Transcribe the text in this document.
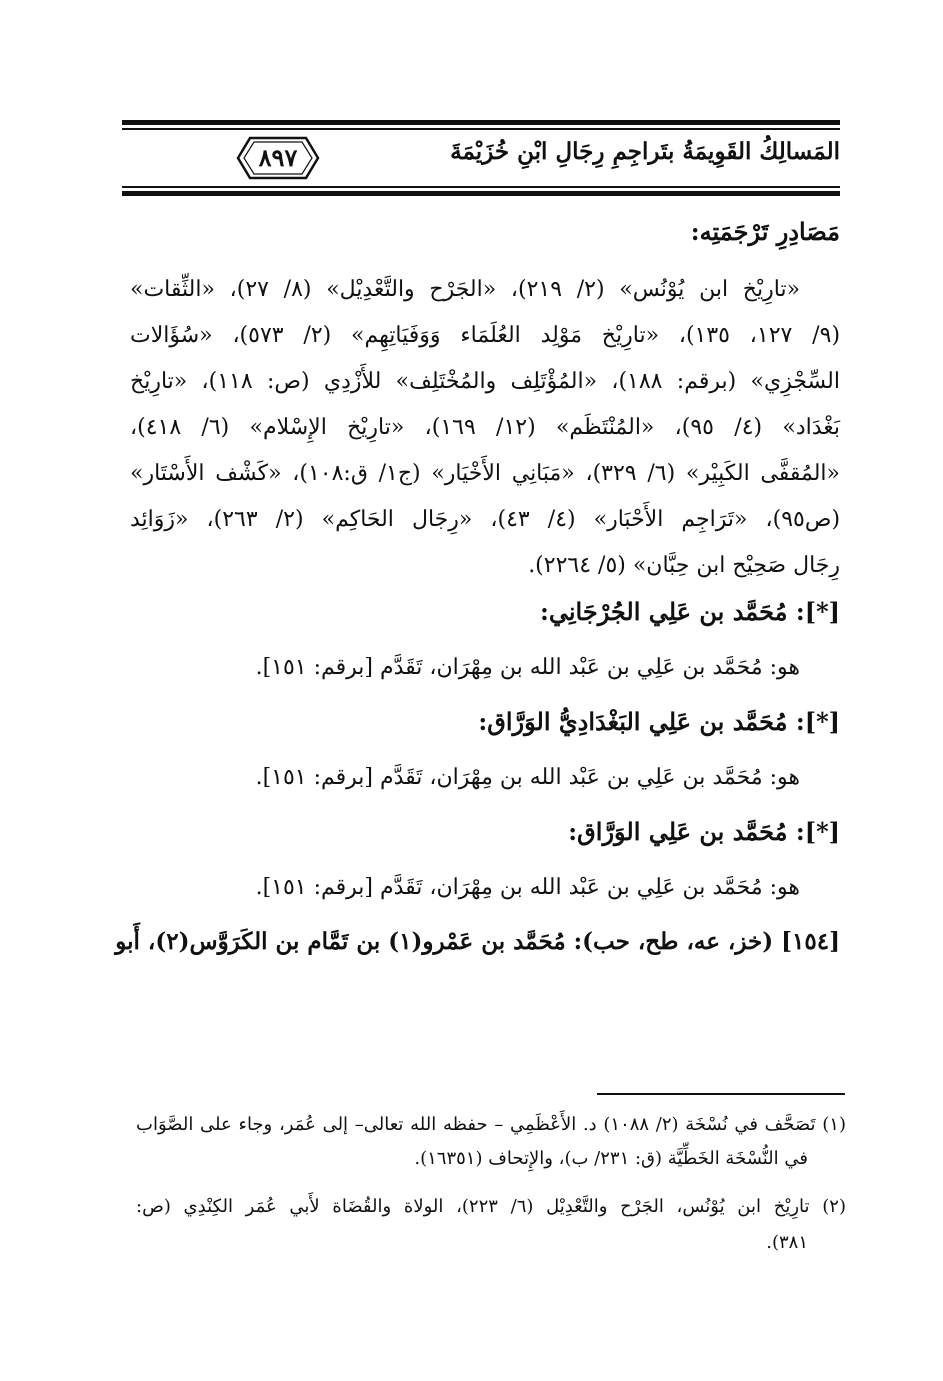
المَسالِكُ القَوِيمَةُ بتَراجِمِ رِجَالِ ابْنِ خُزَيْمَةَ
٨٩٧
مَصَادِرِ تَرْجَمَتِه:
«تارِيْخ ابن يُوْنُس» (٢/ ٢١٩)، «الجَرْح والتَّعْدِيْل» (٨/ ٢٧)، «الثِّقات»
(٩/ ١٢٧، ١٣٥)، «تارِيْخ مَوْلِد العُلَمَاء وَوَفَيَاتِهِم» (٢/ ٥٧٣)، «سُؤَالات
السِّجْزِي» (برقم: ١٨٨)، «المُؤْتَلِف والمُخْتَلِف» للأَزْدِي (ص: ١١٨)، «تارِيْخ
بَغْدَاد» (٤/ ٩٥)، «المُنْتَظَم» (١٢/ ١٦٩)، «تارِيْخ الإِسْلام» (٦/ ٤١٨)،
«المُقفَّى الكَبِيْر» (٦/ ٣٢٩)، «مَبَانِي الأَخْيَار» (ج١/ ق:١٠٨)، «كَشْف الأَسْتَار»
(ص٩٥)، «تَرَاجِم الأَحْبَار» (٤/ ٤٣)، «رِجَال الحَاكِم» (٢/ ٢٦٣)، «زَوَائِد
رِجَال صَحِيْح ابن حِبَّان» (٥/ ٢٢٦٤).
[*]: مُحَمَّد بن عَلِي الجُرْجَانِي:
هو: مُحَمَّد بن عَلِي بن عَبْد الله بن مِهْرَان، تَقَدَّم [برقم: ١٥١].
[*]: مُحَمَّد بن عَلِي البَغْدَادِيُّ الوَرَّاق:
هو: مُحَمَّد بن عَلِي بن عَبْد الله بن مِهْرَان، تَقَدَّم [برقم: ١٥١].
[*]: مُحَمَّد بن عَلِي الوَرَّاق:
هو: مُحَمَّد بن عَلِي بن عَبْد الله بن مِهْرَان، تَقَدَّم [برقم: ١٥١].
[١٥٤] (خز، عه، طح، حب): مُحَمَّد بن عَمْرو(١) بن تَمَّام بن الكَرَوَّس(٢)، أَبو
(١) تَصَحَّف في نُسْخَة (٢/ ١٠٨٨) د. الأَعْظَمِي – حفظه الله تعالى– إلى عُمَر، وجاء على الصَّوَاب
في النُّسْخَة الخَطِّيَّة (ق: ٢٣١/ ب)، والإِتحاف (١٦٣٥١).
(٢) تارِيْخ ابن يُوْنُس، الجَرْح والتَّعْدِيْل (٦/ ٢٢٣)، الولاة والقُضَاة لأَبي عُمَر الكِنْدِي (ص:
٣٨١).
